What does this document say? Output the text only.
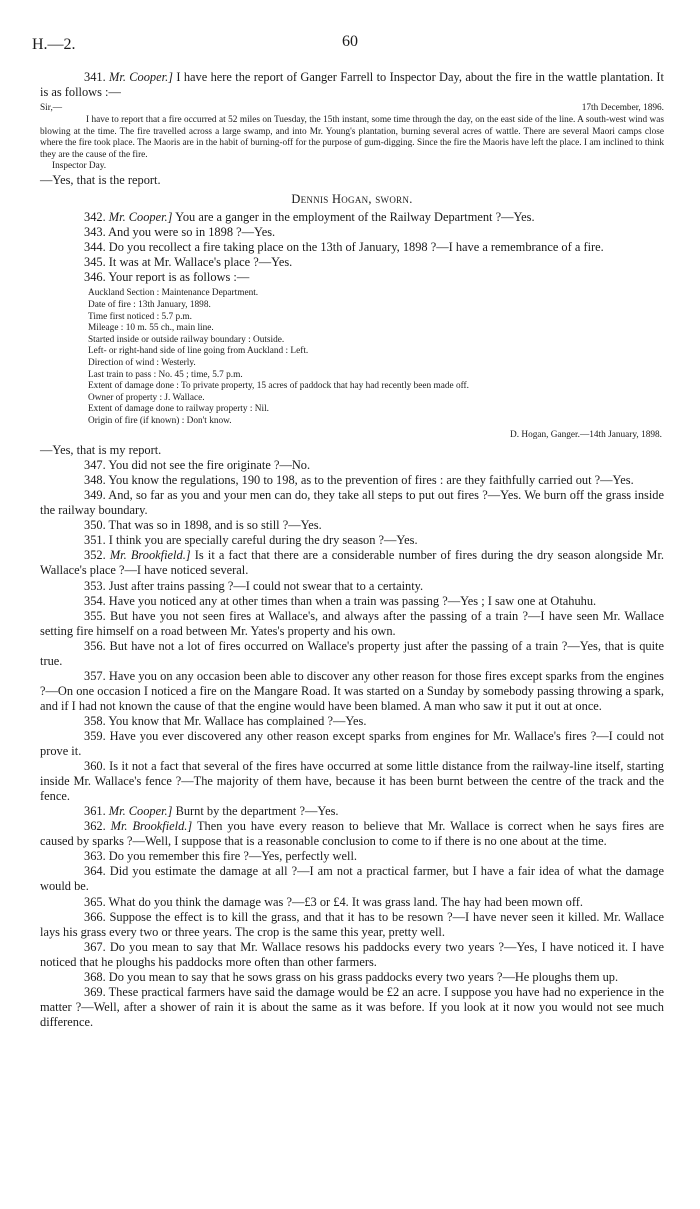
H.—2.	60

341. Mr. Cooper.] I have here the report of Ganger Farrell to Inspector Day, about the fire in the wattle plantation. It is as follows :—

Sir,—	17th December, 1896.

I have to report that a fire occurred at 52 miles on Tuesday, the 15th instant, some time through the day, on the east side of the line. A south-west wind was blowing at the time. The fire travelled across a large swamp, and into Mr. Young's plantation, burning several acres of wattle. There are several Maori camps close where the fire took place. The Maoris are in the habit of burning-off for the purpose of gum-digging. Since the fire the Maoris have left the place. I am inclined to think they are the cause of the fire.

Inspector Day.

—Yes, that is the report.

Dennis Hogan, sworn.

342. Mr. Cooper.] You are a ganger in the employment of the Railway Department ?—Yes.

343. And you were so in 1898 ?—Yes.

344. Do you recollect a fire taking place on the 13th of January, 1898 ?—I have a remembrance of a fire.

345. It was at Mr. Wallace's place ?—Yes.

346. Your report is as follows :—

Auckland Section : Maintenance Department.

Date of fire : 13th January, 1898.

Time first noticed : 5.7 p.m.

Mileage : 10 m. 55 ch., main line.

Started inside or outside railway boundary : Outside.

Left- or right-hand side of line going from Auckland : Left.

Direction of wind : Westerly.

Last train to pass : No. 45 ; time, 5.7 p.m.

Extent of damage done : To private property, 15 acres of paddock that hay had recently been made off.

Owner of property : J. Wallace.

Extent of damage done to railway property : Nil.

Origin of fire (if known) : Don't know.

D. Hogan, Ganger.—14th January, 1898.

—Yes, that is my report.

347. You did not see the fire originate ?—No.

348. You know the regulations, 190 to 198, as to the prevention of fires : are they faithfully carried out ?—Yes.

349. And, so far as you and your men can do, they take all steps to put out fires ?—Yes. We burn off the grass inside the railway boundary.

350. That was so in 1898, and is so still ?—Yes.

351. I think you are specially careful during the dry season ?—Yes.

352. Mr. Brookfield.] Is it a fact that there are a considerable number of fires during the dry season alongside Mr. Wallace's place ?—I have noticed several.

353. Just after trains passing ?—I could not swear that to a certainty.

354. Have you noticed any at other times than when a train was passing ?—Yes ; I saw one at Otahuhu.

355. But have you not seen fires at Wallace's, and always after the passing of a train ?—I have seen Mr. Wallace setting fire himself on a road between Mr. Yates's property and his own.

356. But have not a lot of fires occurred on Wallace's property just after the passing of a train ?—Yes, that is quite true.

357. Have you on any occasion been able to discover any other reason for those fires except sparks from the engines ?—On one occasion I noticed a fire on the Mangare Road. It was started on a Sunday by somebody passing throwing a spark, and if I had not known the cause of that the engine would have been blamed. A man who saw it put it out at once.

358. You know that Mr. Wallace has complained ?—Yes.

359. Have you ever discovered any other reason except sparks from engines for Mr. Wallace's fires ?—I could not prove it.

360. Is it not a fact that several of the fires have occurred at some little distance from the railway-line itself, starting inside Mr. Wallace's fence ?—The majority of them have, because it has been burnt between the centre of the track and the fence.

361. Mr. Cooper.] Burnt by the department ?—Yes.

362. Mr. Brookfield.] Then you have every reason to believe that Mr. Wallace is correct when he says fires are caused by sparks ?—Well, I suppose that is a reasonable conclusion to come to if there is no one about at the time.

363. Do you remember this fire ?—Yes, perfectly well.

364. Did you estimate the damage at all ?—I am not a practical farmer, but I have a fair idea of what the damage would be.

365. What do you think the damage was ?—£3 or £4. It was grass land. The hay had been mown off.

366. Suppose the effect is to kill the grass, and that it has to be resown ?—I have never seen it killed. Mr. Wallace lays his grass every two or three years. The crop is the same this year, pretty well.

367. Do you mean to say that Mr. Wallace resows his paddocks every two years ?—Yes, I have noticed it. I have noticed that he ploughs his paddocks more often than other farmers.

368. Do you mean to say that he sows grass on his grass paddocks every two years ?—He ploughs them up.

369. These practical farmers have said the damage would be £2 an acre. I suppose you have had no experience in the matter ?—Well, after a shower of rain it is about the same as it was before. If you look at it now you would not see much difference.
